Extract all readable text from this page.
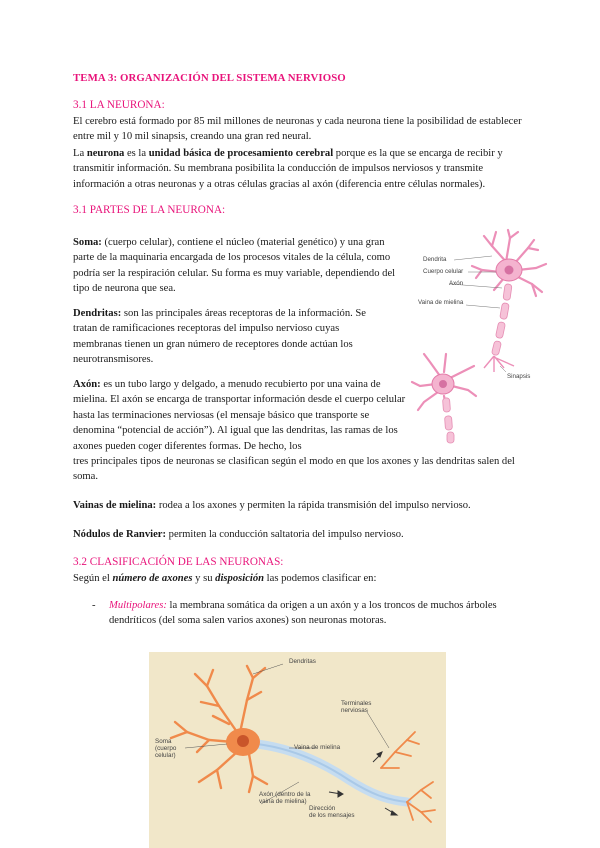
TEMA 3: ORGANIZACIÓN DEL SISTEMA NERVIOSO
3.1 LA NEURONA:
El cerebro está formado por 85 mil millones de neuronas y cada neurona tiene la posibilidad de establecer entre mil y 10 mil sinapsis, creando una gran red neural.
La neurona es la unidad básica de procesamiento cerebral porque es la que se encarga de recibir y transmitir información. Su membrana posibilita la conducción de impulsos nerviosos y transmite información a otras neuronas y a otras células gracias al axón (diferencia entre células normales).
3.1 PARTES DE LA NEURONA:
Soma: (cuerpo celular), contiene el núcleo (material genético) y una gran parte de la maquinaria encargada de los procesos vitales de la célula, como podría ser la respiración celular. Su forma es muy variable, dependiendo del tipo de neurona que sea.
Dendritas: son las principales áreas receptoras de la información. Se tratan de ramificaciones receptoras del impulso nervioso cuyas membranas tienen un gran número de receptores donde actúan los neurotransmisores.
Axón: es un tubo largo y delgado, a menudo recubierto por una vaina de mielina. El axón se encarga de transportar información desde el cuerpo celular hasta las terminaciones nerviosas (el mensaje básico que transporte se denomina “potencial de acción”). Al igual que las dendritas, las ramas de los axones pueden coger diferentes formas. De hecho, los
tres principales tipos de neuronas se clasifican según el modo en que los axones y las dendritas salen del soma.
Vainas de mielina: rodea a los axones y permiten la rápida transmisión del impulso nervioso.
Nódulos de Ranvier: permiten la conducción saltatoria del impulso nervioso.
3.2 CLASIFICACIÓN DE LAS NEURONAS:
Según el número de axones y su disposición las podemos clasificar en:
- Multipolares: la membrana somática da origen a un axón y a los troncos de muchos árboles
dendríticos (del soma salen varios axones) son neuronas motoras.
Dendrita
Cuerpo celular
Axón
Vaina de mielina
Sinapsis
Dendritas
Terminales
nerviosas
Soma
(cuerpo
celular)
Vaina de mielina
Axón (dentro de la
vaina de mielina)
Dirección
de los mensajes
